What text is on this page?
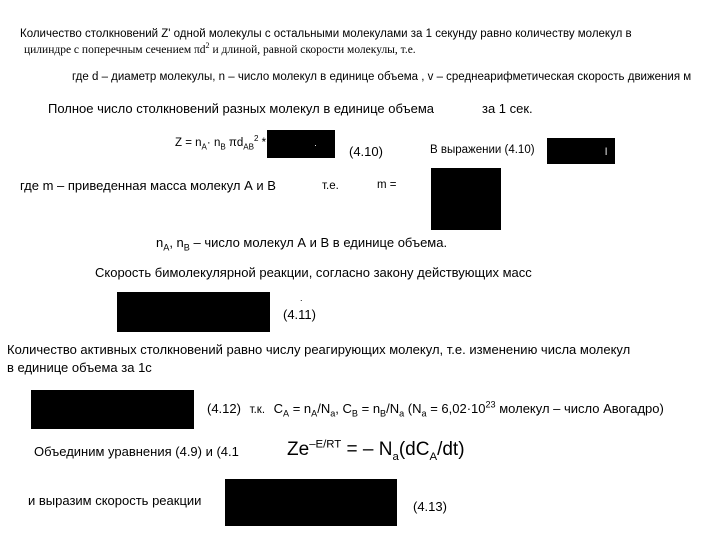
Количество столкновений Z' одной молекулы с остальными молекулами за 1 секунду равно количеству молекул в
цилиндре с поперечным сечением $\pi d^2$ и длиной, равной скорости молекулы, т.е.
где d – диаметр молекулы, n – число молекул в единице объема , v – среднеарифметическая скорость движения м
Полное число столкновений разных молекул в единице объема	за 1 сек.
$Z = n_A\cdot n_B$ $\pi d_{AB}^2$ *	· (4.10)	В выражении (4.10)	l
где m – приведенная масса молекул А и В	т.е.	m =
$n_A$, $n_B$ – число молекул А и В в единице объема.
Скорость бимолекулярной реакции, согласно закону действующих масс
.
(4.11)
Количество активных столкновений равно числу реагирующих молекул, т.е. изменению числа молекул
в единице объема за 1с
(4.12) т.к. $C_A = n_A/N_a$, $C_B = n_B/N_a$ ($N_a = 6,02\cdot 10^{23}$ молекул – число Авогадро)
Объединим уравнения (4.9) и (4.1	$Ze^{-E/RT}$ = – $N_a(dC_A/dt)$
и выразим скорость реакции	(4.13)
